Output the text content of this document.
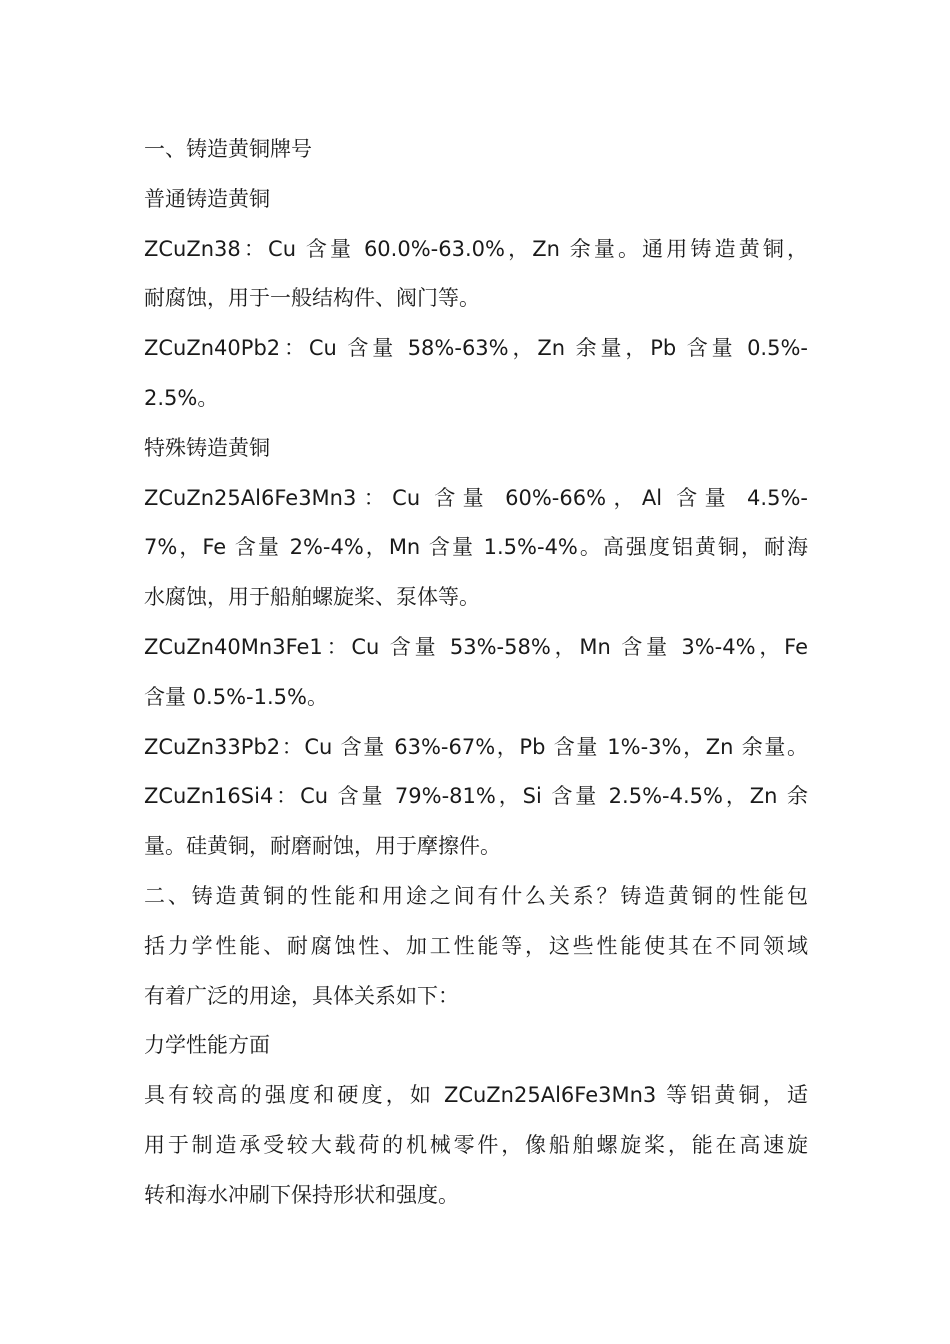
一、铸造黄铜牌号
普通铸造黄铜
ZCuZn38：Cu 含量 60.0%-63.0%，Zn 余量。通用铸造黄铜，
耐腐蚀，用于一般结构件、阀门等。
ZCuZn40Pb2：Cu 含量 58%-63%，Zn 余量，Pb 含量 0.5%-
2.5%。
特殊铸造黄铜
ZCuZn25Al6Fe3Mn3：Cu 含量 60%-66%，Al 含量 4.5%-
7%，Fe 含量 2%-4%，Mn 含量 1.5%-4%。高强度铝黄铜，耐海
水腐蚀，用于船舶螺旋桨、泵体等。
ZCuZn40Mn3Fe1：Cu 含量 53%-58%，Mn 含量 3%-4%，Fe
含量 0.5%-1.5%。
ZCuZn33Pb2：Cu 含量 63%-67%，Pb 含量 1%-3%，Zn 余量。
ZCuZn16Si4：Cu 含量 79%-81%，Si 含量 2.5%-4.5%，Zn 余
量。硅黄铜，耐磨耐蚀，用于摩擦件。
二、铸造黄铜的性能和用途之间有什么关系？铸造黄铜的性能包
括力学性能、耐腐蚀性、加工性能等，这些性能使其在不同领域
有着广泛的用途，具体关系如下：
力学性能方面
具有较高的强度和硬度，如 ZCuZn25Al6Fe3Mn3 等铝黄铜，适
用于制造承受较大载荷的机械零件，像船舶螺旋桨，能在高速旋
转和海水冲刷下保持形状和强度。
